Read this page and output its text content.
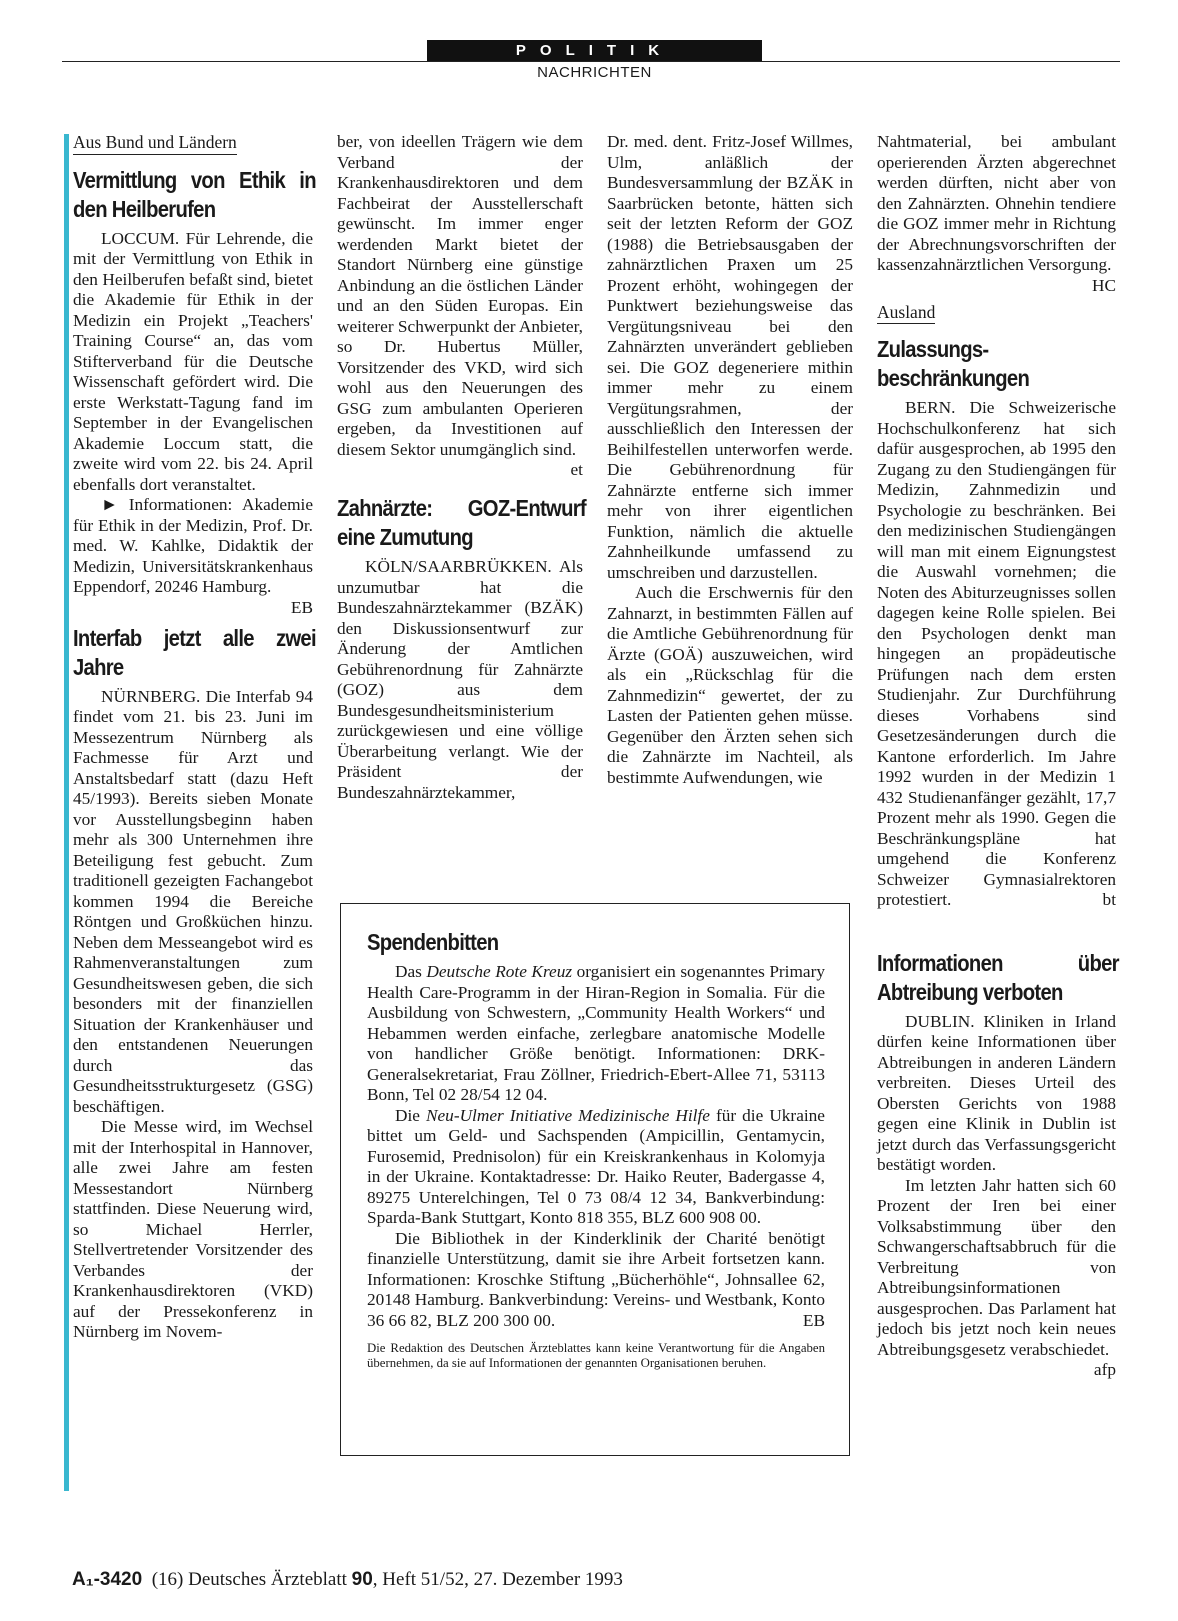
POLITIK
NACHRICHTEN
Aus Bund und Ländern
Vermittlung von Ethik in den Heilberufen

LOCCUM. Für Lehrende, die mit der Vermittlung von Ethik in den Heilberufen befaßt sind, bietet die Akademie für Ethik in der Medizin ein Projekt „Teachers' Training Course“ an, das vom Stifterverband für die Deutsche Wissenschaft gefördert wird. Die erste Werkstatt-Tagung fand im September in der Evangelischen Akademie Loccum statt, die zweite wird vom 22. bis 24. April ebenfalls dort veranstaltet.

► Informationen: Akademie für Ethik in der Medizin, Prof. Dr. med. W. Kahlke, Didaktik der Medizin, Universitätskrankenhaus Eppendorf, 20246 Hamburg.
EB

Interfab jetzt alle zwei Jahre

NÜRNBERG. Die Interfab 94 findet vom 21. bis 23. Juni im Messezentrum Nürnberg als Fachmesse für Arzt und Anstaltsbedarf statt (dazu Heft 45/1993). Bereits sieben Monate vor Ausstellungsbeginn haben mehr als 300 Unternehmen ihre Beteiligung fest gebucht. Zum traditionell gezeigten Fachangebot kommen 1994 die Bereiche Röntgen und Großküchen hinzu. Neben dem Messeangebot wird es Rahmenveranstaltungen zum Gesundheitswesen geben, die sich besonders mit der finanziellen Situation der Krankenhäuser und den entstandenen Neuerungen durch das Gesundheitsstrukturgesetz (GSG) beschäftigen.

Die Messe wird, im Wechsel mit der Interhospital in Hannover, alle zwei Jahre am festen Messestandort Nürnberg stattfinden. Diese Neuerung wird, so Michael Herrler, Stellvertretender Vorsitzender des Verbandes der Krankenhausdirektoren (VKD) auf der Pressekonferenz in Nürnberg im Novem-

ber, von ideellen Trägern wie dem Verband der Krankenhausdirektoren und dem Fachbeirat der Ausstellerschaft gewünscht. Im immer enger werdenden Markt bietet der Standort Nürnberg eine günstige Anbindung an die östlichen Länder und an den Süden Europas. Ein weiterer Schwerpunkt der Anbieter, so Dr. Hubertus Müller, Vorsitzender des VKD, wird sich wohl aus den Neuerungen des GSG zum ambulanten Operieren ergeben, da Investitionen auf diesem Sektor unumgänglich sind.
et

Zahnärzte: GOZ-Entwurf eine Zumutung

KÖLN/SAARBRÜKKEN. Als unzumutbar hat die Bundeszahnärztekammer (BZÄK) den Diskussionsentwurf zur Änderung der Amtlichen Gebührenordnung für Zahnärzte (GOZ) aus dem Bundesgesundheitsministerium zurückgewiesen und eine völlige Überarbeitung verlangt. Wie der Präsident der Bundeszahnärztekammer,

Dr. med. dent. Fritz-Josef Willmes, Ulm, anläßlich der Bundesversammlung der BZÄK in Saarbrücken betonte, hätten sich seit der letzten Reform der GOZ (1988) die Betriebsausgaben der zahnärztlichen Praxen um 25 Prozent erhöht, wohingegen der Punktwert beziehungsweise das Vergütungsniveau bei den Zahnärzten unverändert geblieben sei. Die GOZ degeneriere mithin immer mehr zu einem Vergütungsrahmen, der ausschließlich den Interessen der Beihilfestellen unterworfen werde. Die Gebührenordnung für Zahnärzte entferne sich immer mehr von ihrer eigentlichen Funktion, nämlich die aktuelle Zahnheilkunde umfassend zu umschreiben und darzustellen.

Auch die Erschwernis für den Zahnarzt, in bestimmten Fällen auf die Amtliche Gebührenordnung für Ärzte (GOÄ) auszuweichen, wird als ein „Rückschlag für die Zahnmedizin“ gewertet, der zu Lasten der Patienten gehen müsse. Gegenüber den Ärzten sehen sich die Zahnärzte im Nachteil, als bestimmte Aufwendungen, wie

Nahtmaterial, bei ambulant operierenden Ärzten abgerechnet werden dürften, nicht aber von den Zahnärzten. Ohnehin tendiere die GOZ immer mehr in Richtung der Abrechnungsvorschriften der kassenzahnärztlichen Versorgung.
HC

Ausland
Zulassungs-
beschränkungen

BERN. Die Schweizerische Hochschulkonferenz hat sich dafür ausgesprochen, ab 1995 den Zugang zu den Studiengängen für Medizin, Zahnmedizin und Psychologie zu beschränken. Bei den medizinischen Studiengängen will man mit einem Eignungstest die Auswahl vornehmen; die Noten des Abiturzeugnisses sollen dagegen keine Rolle spielen. Bei den Psychologen denkt man hingegen an propädeutische Prüfungen nach dem ersten Studienjahr. Zur Durchführung dieses Vorhabens sind Gesetzesänderungen durch die Kantone erforderlich. Im Jahre 1992 wurden in der Medizin 1 432 Studienanfänger gezählt, 17,7 Prozent mehr als 1990. Gegen die Beschränkungspläne hat umgehend die Konferenz Schweizer Gymnasialrektoren protestiert.	bt

Informationen über Abtreibung verboten

DUBLIN. Kliniken in Irland dürfen keine Informationen über Abtreibungen in anderen Ländern verbreiten. Dieses Urteil des Obersten Gerichts von 1988 gegen eine Klinik in Dublin ist jetzt durch das Verfassungsgericht bestätigt worden.

Im letzten Jahr hatten sich 60 Prozent der Iren bei einer Volksabstimmung über den Schwangerschaftsabbruch für die Verbreitung von Abtreibungsinformationen ausgesprochen. Das Parlament hat jedoch bis jetzt noch kein neues Abtreibungsgesetz verabschiedet.
afp

Spendenbitten

Das Deutsche Rote Kreuz organisiert ein sogenanntes Primary Health Care-Programm in der Hiran-Region in Somalia. Für die Ausbildung von Schwestern, „Community Health Workers“ und Hebammen werden einfache, zerlegbare anatomische Modelle von handlicher Größe benötigt. Informationen: DRK-Generalsekretariat, Frau Zöllner, Friedrich-Ebert-Allee 71, 53113 Bonn, Tel 02 28/54 12 04.

Die Neu-Ulmer Initiative Medizinische Hilfe für die Ukraine bittet um Geld- und Sachspenden (Ampicillin, Gentamycin, Furosemid, Prednisolon) für ein Kreiskrankenhaus in Kolomyja in der Ukraine. Kontaktadresse: Dr. Haiko Reuter, Badergasse 4, 89275 Unterelchingen, Tel 0 73 08/4 12 34, Bankverbindung: Sparda-Bank Stuttgart, Konto 818 355, BLZ 600 908 00.

Die Bibliothek in der Kinderklinik der Charité benötigt finanzielle Unterstützung, damit sie ihre Arbeit fortsetzen kann. Informationen: Kroschke Stiftung „Bücherhöhle“, Johnsallee 62, 20148 Hamburg. Bankverbindung: Vereins- und Westbank, Konto 36 66 82, BLZ 200 300 00.	EB

Die Redaktion des Deutschen Ärzteblattes kann keine Verantwortung für die Angaben übernehmen, da sie auf Informationen der genannten Organisationen beruhen.

A₁-3420 (16) Deutsches Ärzteblatt 90, Heft 51/52, 27. Dezember 1993
